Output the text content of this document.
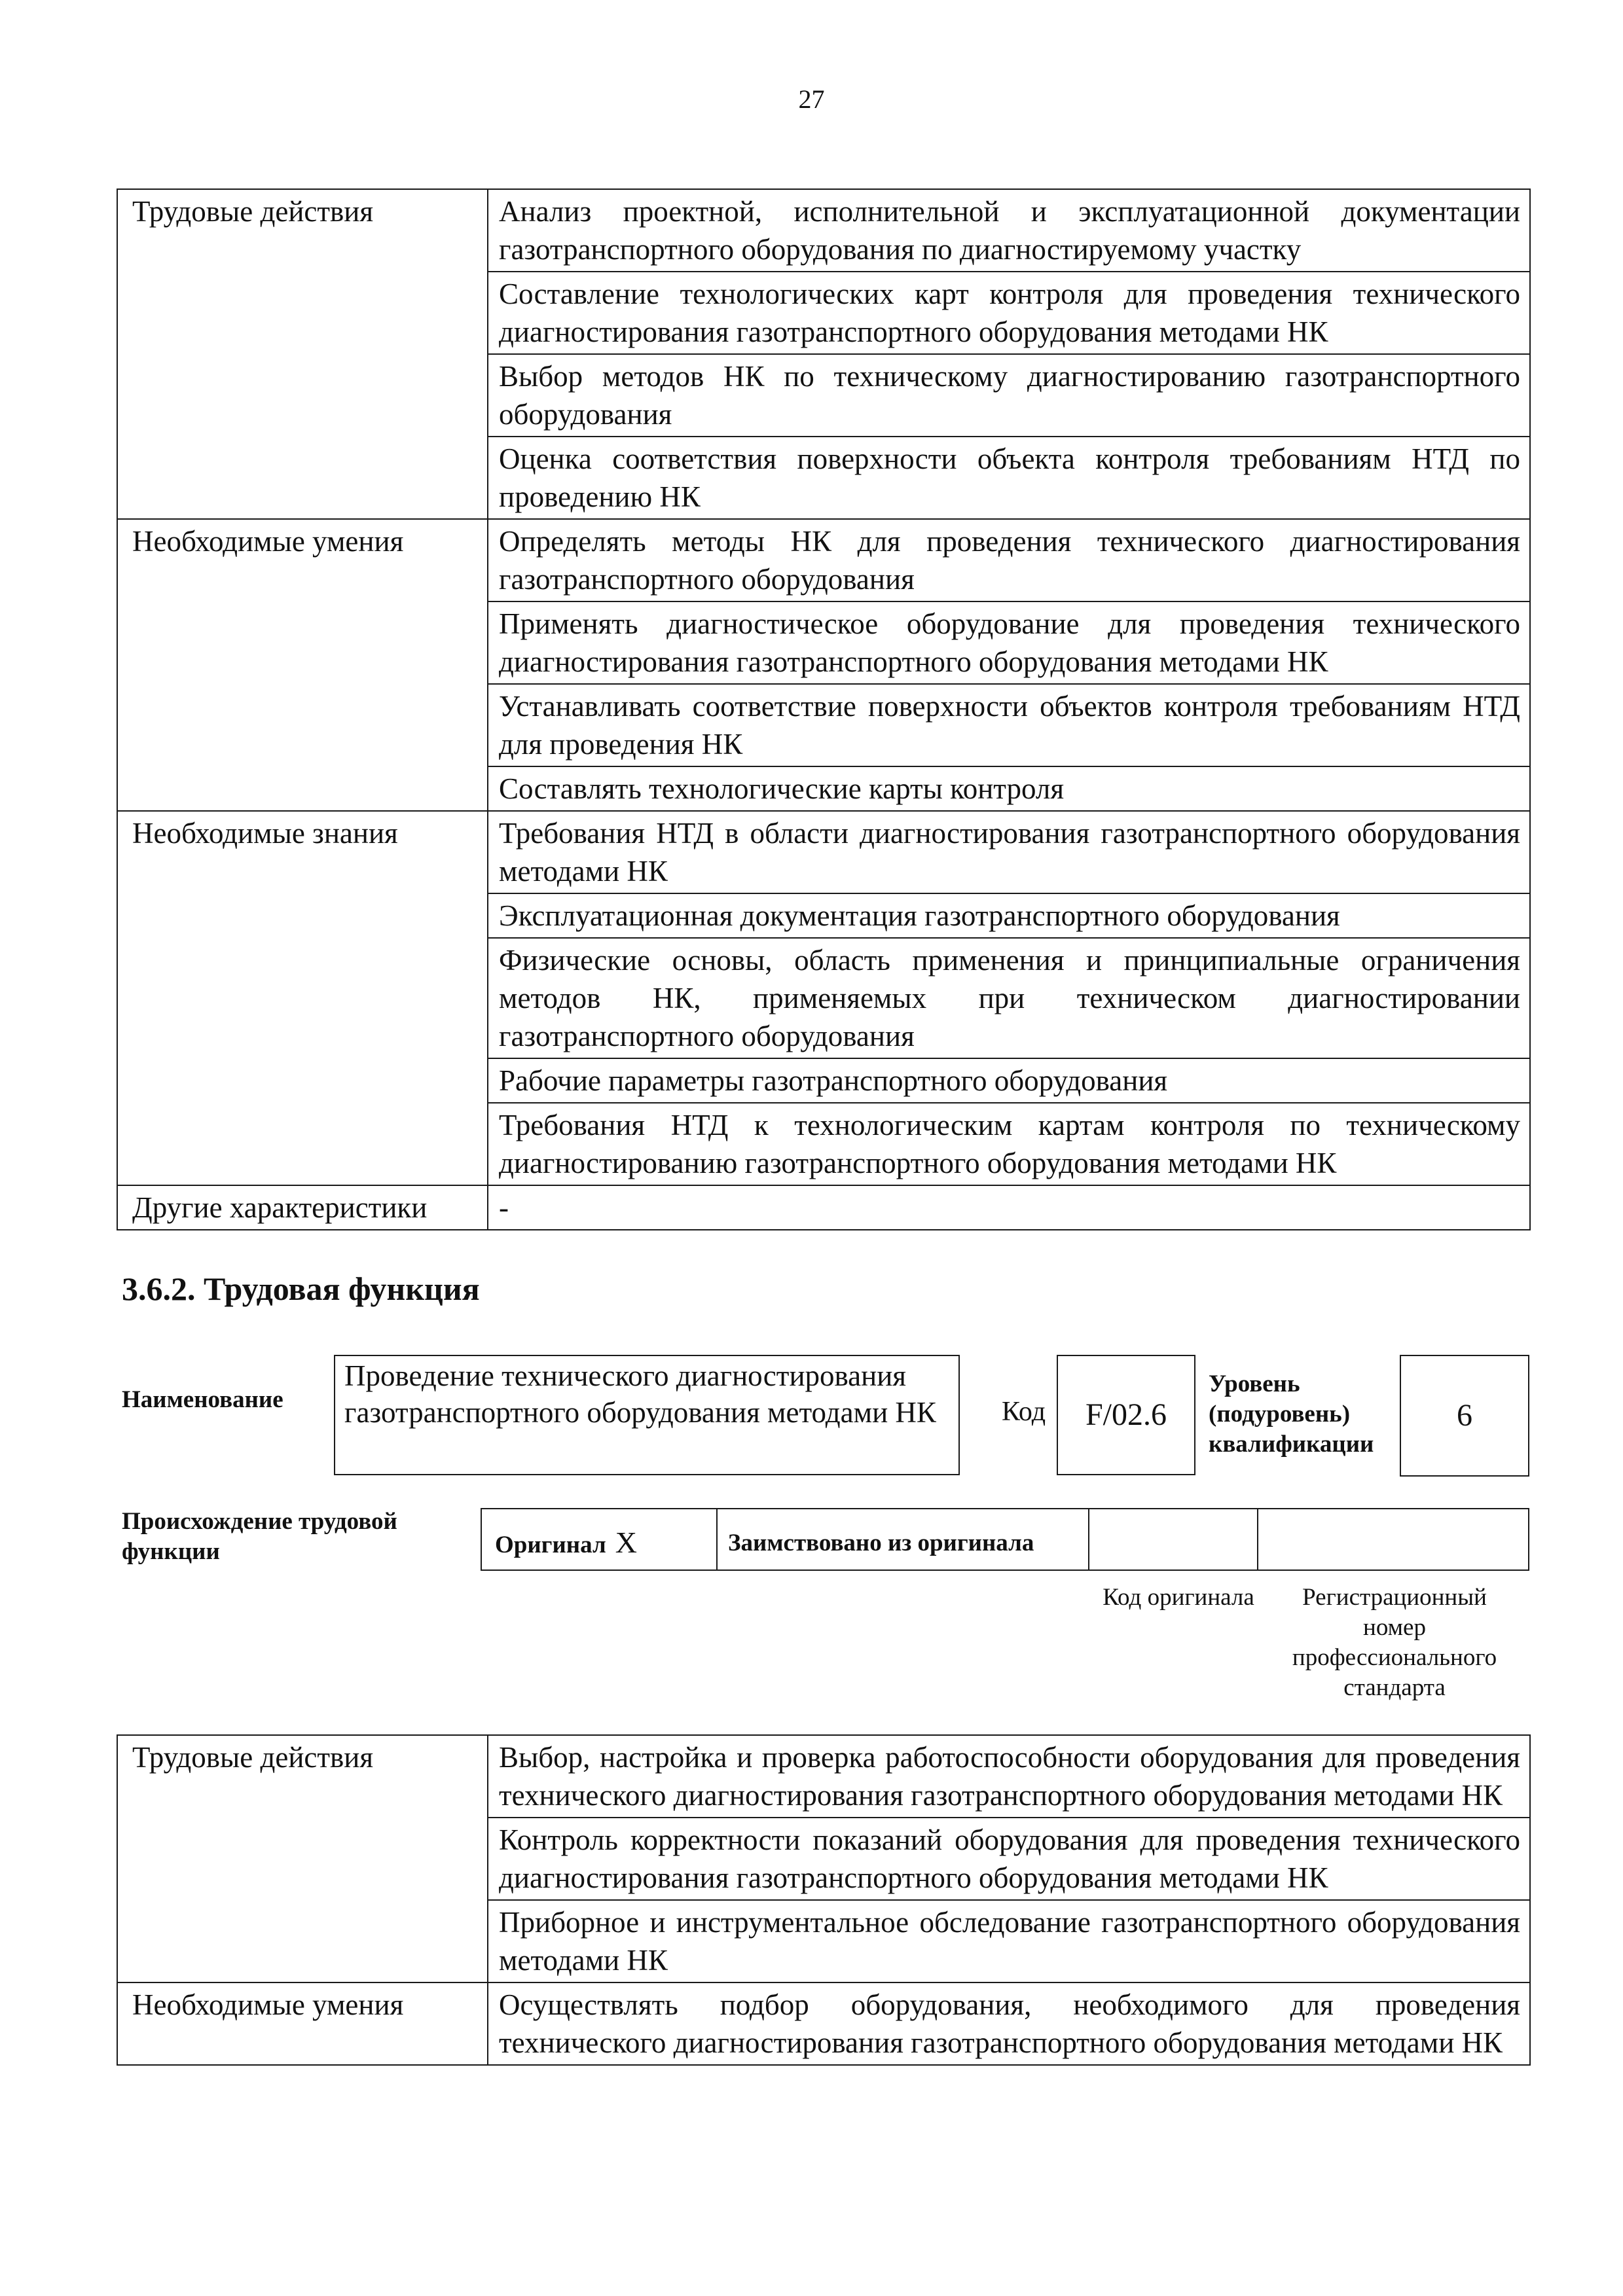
27
Трудовые действия	Анализ проектной, исполнительной и эксплуатационной документации газотранспортного оборудования по диагностируемому участку
	Составление технологических карт контроля для проведения технического диагностирования газотранспортного оборудования методами НК
	Выбор методов НК по техническому диагностированию газотранспортного оборудования
	Оценка соответствия поверхности объекта контроля требованиям НТД по проведению НК
Необходимые умения	Определять методы НК для проведения технического диагностирования газотранспортного оборудования
	Применять диагностическое оборудование для проведения технического диагностирования газотранспортного оборудования методами НК
	Устанавливать соответствие поверхности объектов контроля требованиям НТД для проведения НК
	Составлять технологические карты контроля
Необходимые знания	Требования НТД в области диагностирования газотранспортного оборудования методами НК
	Эксплуатационная документация газотранспортного оборудования
	Физические основы, область применения и принципиальные ограничения методов НК, применяемых при техническом диагностировании газотранспортного оборудования
	Рабочие параметры газотранспортного оборудования
	Требования НТД к технологическим картам контроля по техническому диагностированию газотранспортного оборудования методами НК
Другие характеристики	-
3.6.2. Трудовая функция
Наименование
Проведение технического диагностирования газотранспортного оборудования методами НК	Код	F/02.6
Уровень (подуровень) квалификации
6
Происхождение трудовой функции	Оригинал X	Заимствовано из оригинала
Код оригинала	Регистрационный номер профессионального стандарта
Трудовые действия	Выбор, настройка и проверка работоспособности оборудования для проведения технического диагностирования газотранспортного оборудования методами НК
	Контроль корректности показаний оборудования для проведения технического диагностирования газотранспортного оборудования методами НК
	Приборное и инструментальное обследование газотранспортного оборудования методами НК
Необходимые умения	Осуществлять подбор оборудования, необходимого для проведения технического диагностирования газотранспортного оборудования методами НК
